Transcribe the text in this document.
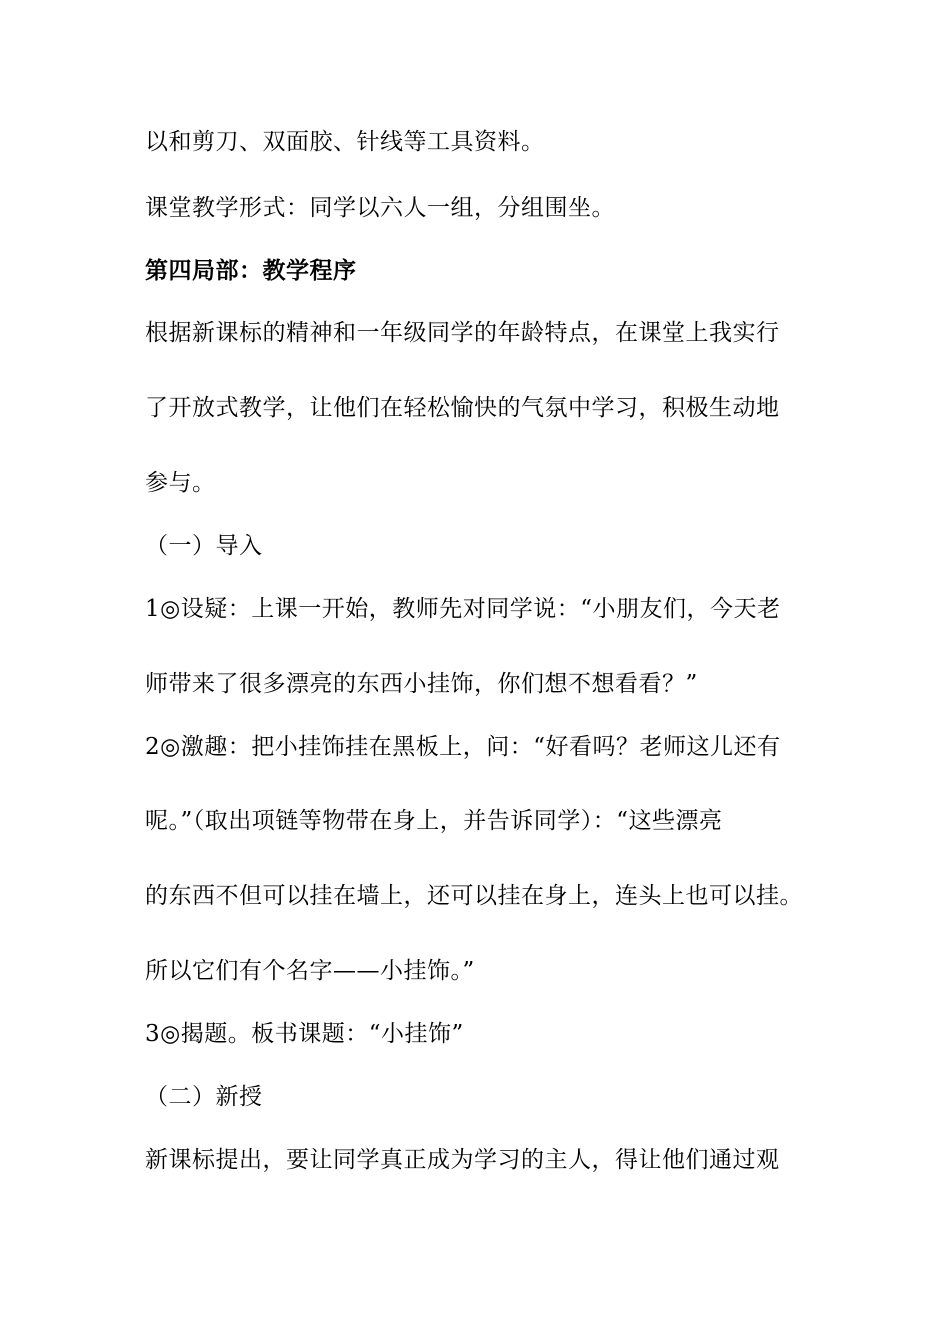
以和剪刀、双面胶、针线等工具资料。
课堂教学形式：同学以六人一组，分组围坐。
第四局部：教学程序
根据新课标的精神和一年级同学的年龄特点，在课堂上我实行
了开放式教学，让他们在轻松愉快的气氛中学习，积极生动地
参与。
（一）导入
1◎设疑：上课一开始，教师先对同学说：“小朋友们，今天老
师带来了很多漂亮的东西小挂饰，你们想不想看看？”
2◎激趣：把小挂饰挂在黑板上，问：“好看吗？老师这儿还有
呢。”（取出项链等物带在身上，并告诉同学）：“这些漂亮
的东西不但可以挂在墙上，还可以挂在身上，连头上也可以挂。
所以它们有个名字——小挂饰。”
3◎揭题。板书课题：“小挂饰”
（二）新授
新课标提出，要让同学真正成为学习的主人，得让他们通过观
